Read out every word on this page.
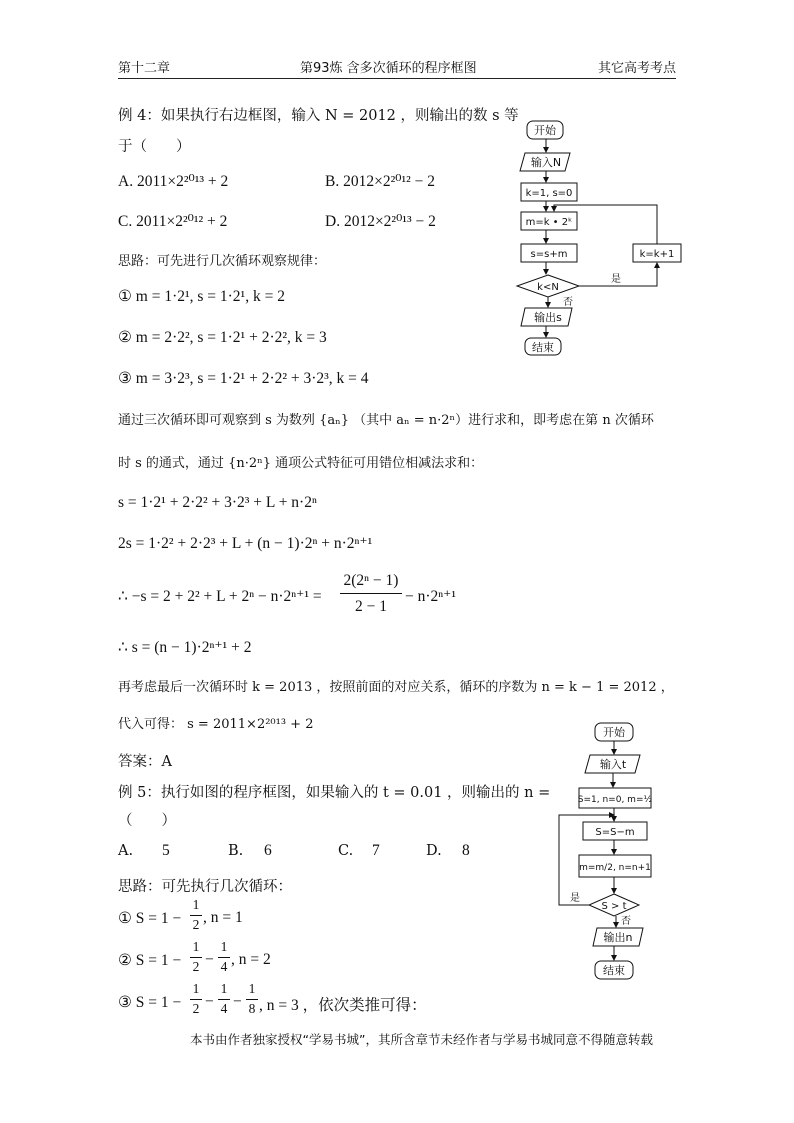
第十二章	第93炼 含多次循环的程序框图	其它高考考点
例 4：如果执行右边框图，输入 N = 2012 ，则输出的数 s 等
于（　　）
A. 2011×2²⁰¹³ + 2	B. 2012×2²⁰¹² − 2
C. 2011×2²⁰¹² + 2	D. 2012×2²⁰¹³ − 2
思路：可先进行几次循环观察规律：
① m = 1·2¹, s = 1·2¹, k = 2
② m = 2·2², s = 1·2¹ + 2·2², k = 3
③ m = 3·2³, s = 1·2¹ + 2·2² + 3·2³, k = 4
通过三次循环即可观察到 s 为数列 {aₙ} （其中 aₙ = n·2ⁿ）进行求和，即考虑在第 n 次循环
时 s 的通式，通过 {n·2ⁿ} 通项公式特征可用错位相减法求和：
s = 1·2¹ + 2·2² + 3·2³ + L + n·2ⁿ
2s = 1·2² + 2·2³ + L + (n − 1)·2ⁿ + n·2ⁿ⁺¹
∴ −s = 2 + 2² + L + 2ⁿ − n·2ⁿ⁺¹ =
2(2ⁿ − 1)
2 − 1
− n·2ⁿ⁺¹
∴ s = (n − 1)·2ⁿ⁺¹ + 2
再考虑最后一次循环时 k = 2013 ，按照前面的对应关系，循环的序数为 n = k − 1 = 2012 ，
代入可得： s = 2011×2²⁰¹³ + 2
答案：A
例 5：执行如图的程序框图，如果输入的 t = 0.01 ，则输出的 n =
（　　）
A. 5	B. 6	C. 7	D. 8
思路：可先执行几次循环：
① S = 1 −
1
2 , n = 1
② S = 1 −
1
2 −
1
4 , n = 2
③ S = 1 −
1
2 −
1
4 −
1
8 , n = 3 ，依次类推可得：
开始
输入N
k=1, s=0
m=k • 2ᵏ
s=s+m
k<N
k=k+1
输出s
结束
是
否
开始
输入t
S=1, n=0, m=½
S=S−m
m=m/2, n=n+1
S > t
输出n
结束
是
否
本书由作者独家授权“学易书城”，其所含章节未经作者与学易书城同意不得随意转载
